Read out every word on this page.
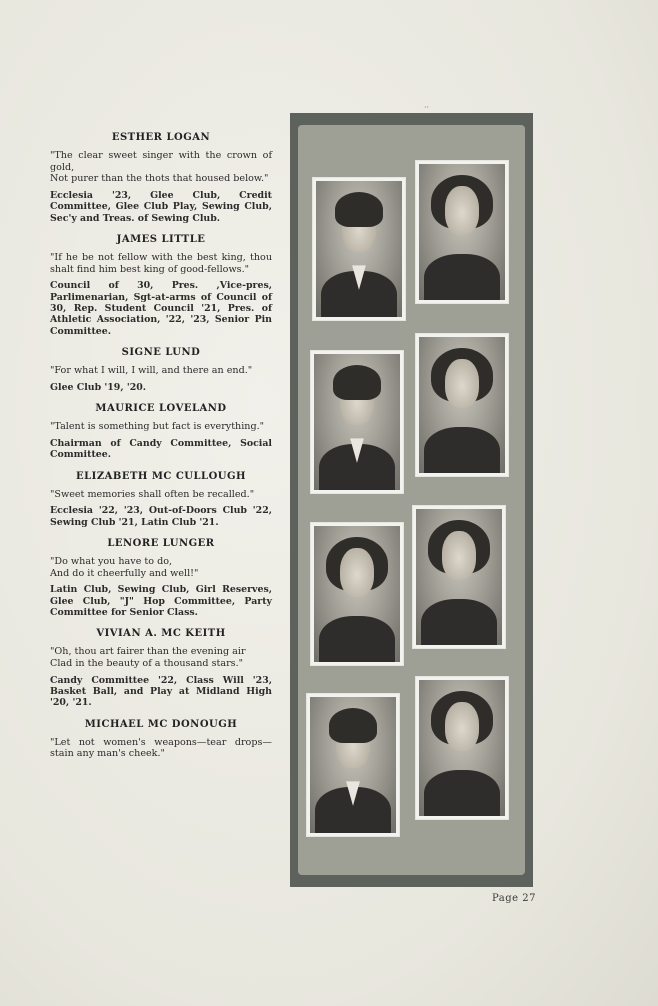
··

ESTHER LOGAN

"The clear sweet singer with the crown of gold,
Not purer than the thots that housed below."

Ecclesia '23, Glee Club, Credit Committee, Glee Club Play, Sewing Club, Sec'y and Treas. of Sewing Club.

JAMES LITTLE

"If he be not fellow with the best king, thou shalt find him best king of good-fellows."

Council of 30, Pres. ,Vice-pres, Parlimenarian, Sgt-at-arms of Council of 30, Rep. Student Council '21, Pres. of Athletic Association, '22, '23, Senior Pin Committee.

SIGNE LUND

"For what I will, I will, and there an end."

Glee Club '19, '20.

MAURICE LOVELAND

"Talent is something but fact is everything."

Chairman of Candy Committee, Social Committee.

ELIZABETH MC CULLOUGH

"Sweet memories shall often be recalled."

Ecclesia '22, '23, Out-of-Doors Club '22, Sewing Club '21, Latin Club '21.

LENORE LUNGER

"Do what you have to do,
And do it cheerfully and well!"

Latin Club, Sewing Club, Girl Reserves, Glee Club, "J" Hop Committee, Party Committee for Senior Class.

VIVIAN A. MC KEITH

"Oh, thou art fairer than the evening air
Clad in the beauty of a thousand stars."

Candy Committee '22, Class Will '23, Basket Ball, and Play at Midland High '20, '21.

MICHAEL MC DONOUGH

"Let not women's weapons—tear drops—stain any man's cheek."

Page 27
